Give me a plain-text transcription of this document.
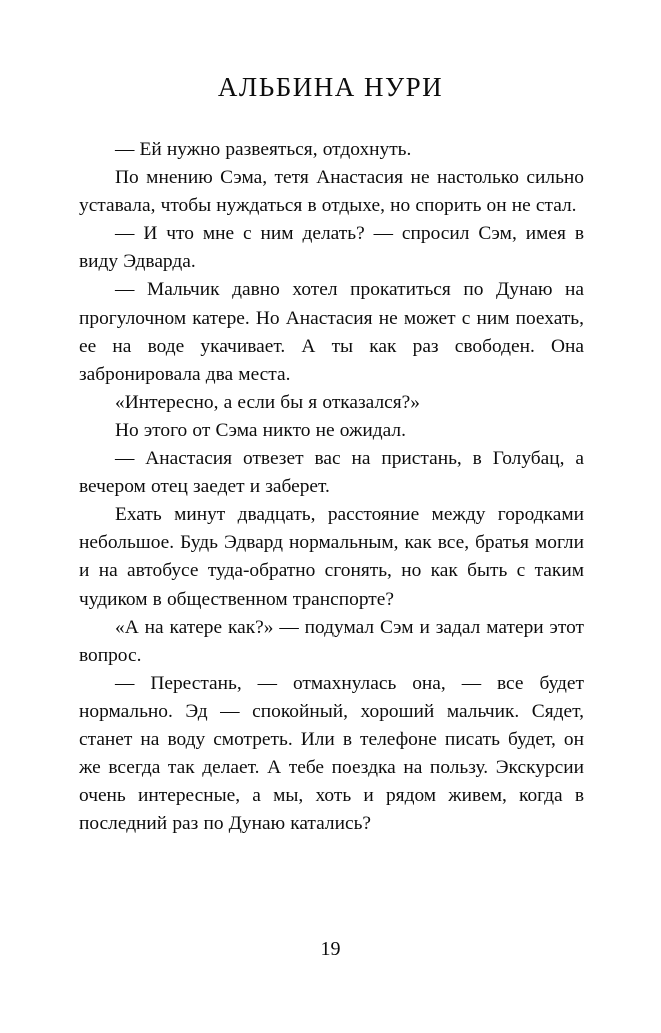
АЛЬБИНА НУРИ

— Ей нужно развеяться, отдохнуть.

По мнению Сэма, тетя Анастасия не настолько сильно уставала, чтобы нуждаться в отдыхе, но спорить он не стал.

— И что мне с ним делать? — спросил Сэм, имея в виду Эдварда.

— Мальчик давно хотел прокатиться по Дунаю на прогулочном катере. Но Анастасия не может с ним поехать, ее на воде укачивает. А ты как раз свободен. Она забронировала два места.

«Интересно, а если бы я отказался?»

Но этого от Сэма никто не ожидал.

— Анастасия отвезет вас на пристань, в Голубац, а вечером отец заедет и заберет.

Ехать минут двадцать, расстояние между городками небольшое. Будь Эдвард нормальным, как все, братья могли и на автобусе туда-обратно сгонять, но как быть с таким чудиком в общественном транспорте?

«А на катере как?» — подумал Сэм и задал матери этот вопрос.

— Перестань, — отмахнулась она, — все будет нормально. Эд — спокойный, хороший мальчик. Сядет, станет на воду смотреть. Или в телефоне писать будет, он же всегда так делает. А тебе поездка на пользу. Экскурсии очень интересные, а мы, хоть и рядом живем, когда в последний раз по Дунаю катались?

19
